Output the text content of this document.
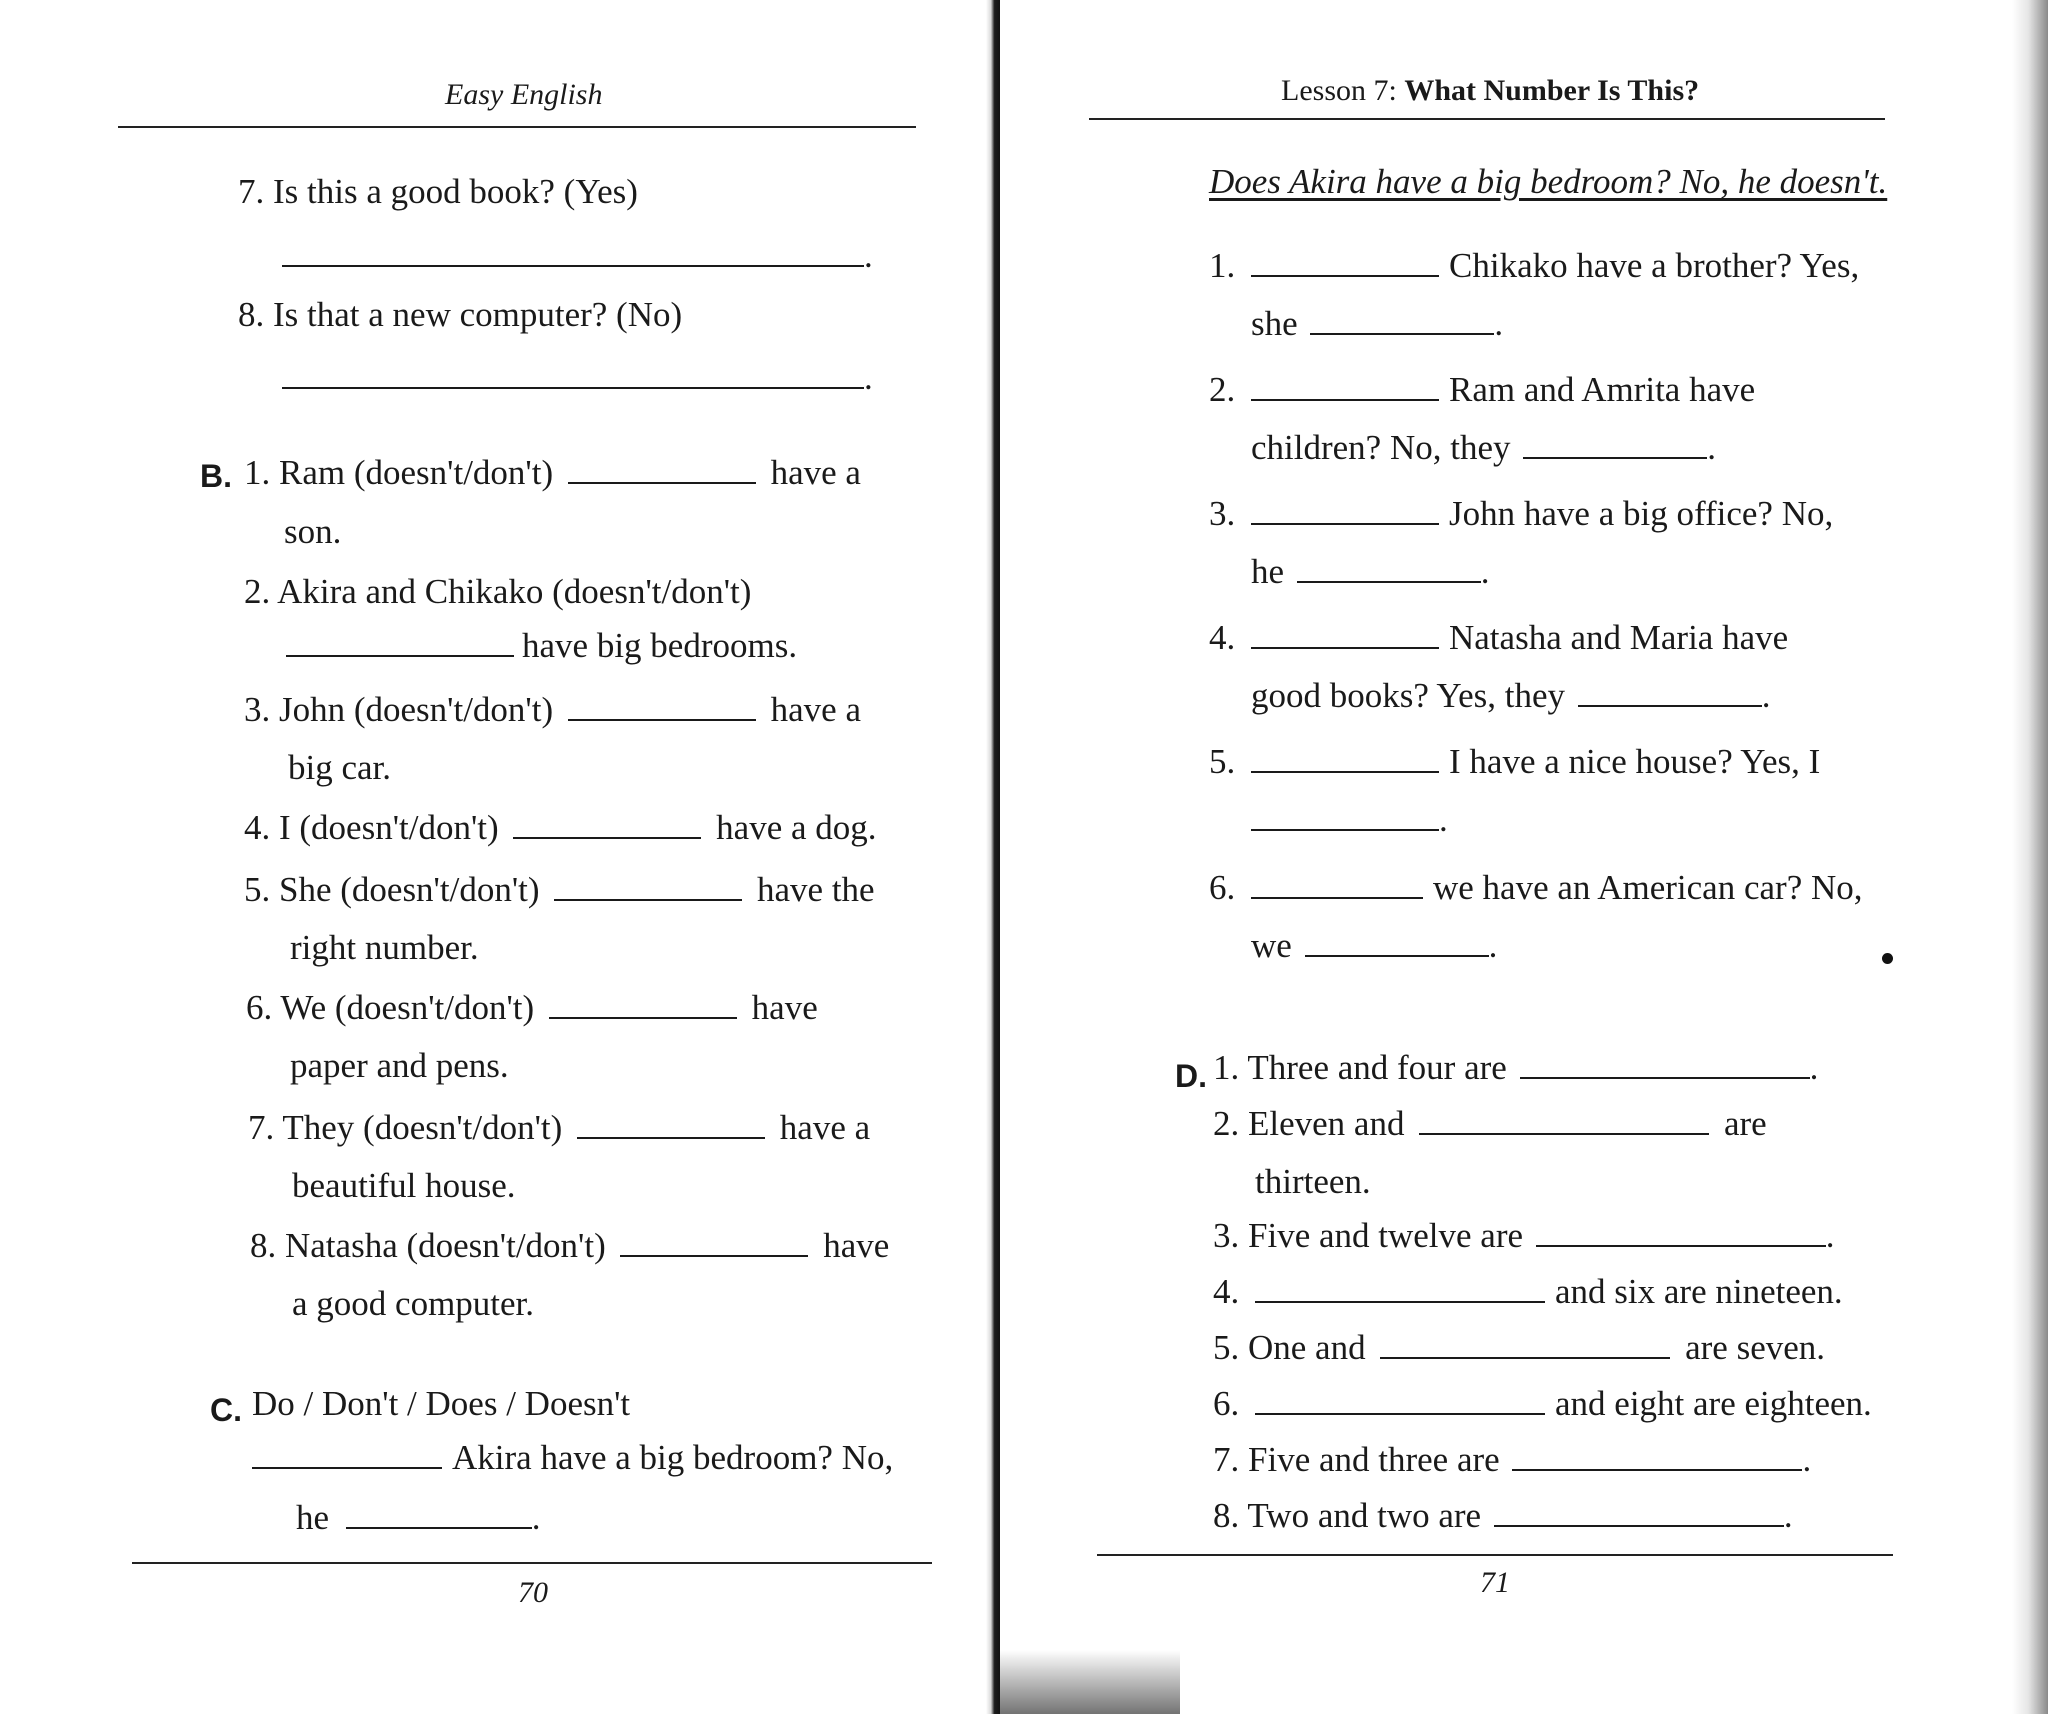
Easy English
7. Is this a good book? (Yes)
.
8. Is that a new computer? (No)
.
B. 1. Ram (doesn't/don't)	have a
son.
2. Akira and Chikako (doesn't/don't)
have big bedrooms.
3. John (doesn't/don't)	have a
big car.
4. I (doesn't/don't)	have a dog.
5. She (doesn't/don't)	have the
right number.
6. We (doesn't/don't)	have
paper and pens.
7. They (doesn't/don't)	have a
beautiful house.
8. Natasha (doesn't/don't)	have
a good computer.
C. Do / Don't / Does / Doesn't
Akira have a big bedroom? No,
he	.
70
Lesson 7: What Number Is This?
Does Akira have a big bedroom? No, he doesn't.
1.	Chikako have a brother? Yes,
she	.
2.	Ram and Amrita have
children? No, they	.
3.	John have a big office? No,
he	.
4.	Natasha and Maria have
good books? Yes, they	.
5.	I have a nice house? Yes, I
.
6.	we have an American car? No,
we	.
D. 1. Three and four are	.
2. Eleven and	are
thirteen.
3. Five and twelve are	.
4.	and six are nineteen.
5. One and	are seven.
6.	and eight are eighteen.
7. Five and three are	.
8. Two and two are	.
71
